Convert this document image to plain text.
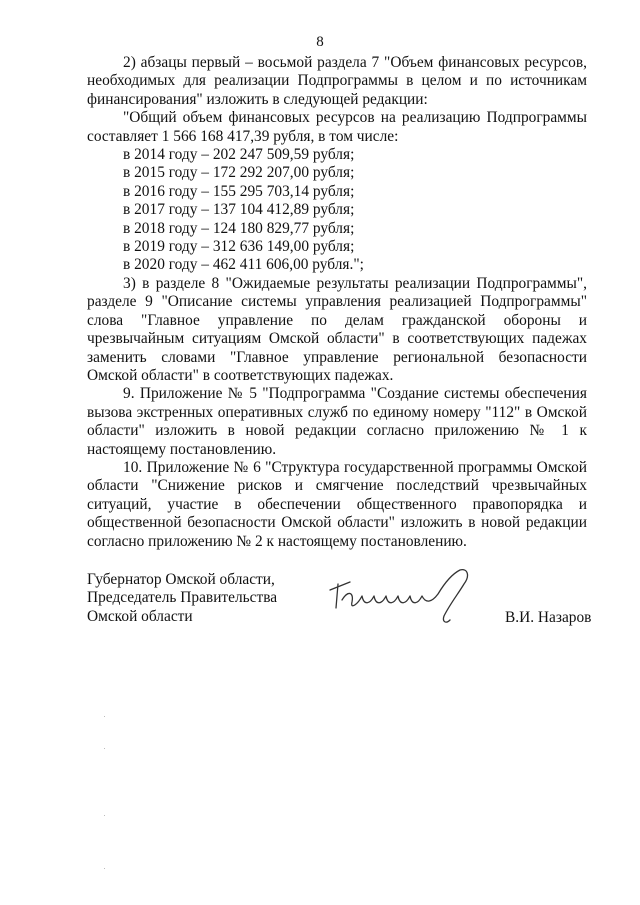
8

2) абзацы первый – восьмой раздела 7 "Объем финансовых ресурсов, необходимых для реализации Подпрограммы в целом и по источникам финансирования" изложить в следующей редакции:

"Общий объем финансовых ресурсов на реализацию Подпрограммы составляет 1 566 168 417,39 рубля, в том числе:

в 2014 году – 202 247 509,59 рубля;
в 2015 году – 172 292 207,00 рубля;
в 2016 году – 155 295 703,14 рубля;
в 2017 году – 137 104 412,89 рубля;
в 2018 году – 124 180 829,77 рубля;
в 2019 году – 312 636 149,00 рубля;
в 2020 году – 462 411 606,00 рубля.";

3) в разделе 8 "Ожидаемые результаты реализации Подпрограммы", разделе 9 "Описание системы управления реализацией Подпрограммы" слова "Главное управление по делам гражданской обороны и чрезвычайным ситуациям Омской области" в соответствующих падежах заменить словами "Главное управление региональной безопасности Омской области" в соответствующих падежах.

9. Приложение № 5 "Подпрограмма "Создание системы обеспечения вызова экстренных оперативных служб по единому номеру "112" в Омской области" изложить в новой редакции согласно приложению № 1 к настоящему постановлению.

10. Приложение № 6 "Структура государственной программы Омской области "Снижение рисков и смягчение последствий чрезвычайных ситуаций, участие в обеспечении общественного правопорядка и общественной безопасности Омской области" изложить в новой редакции согласно приложению № 2 к настоящему постановлению.

Губернатор Омской области,
Председатель Правительства
Омской области	В.И. Назаров
